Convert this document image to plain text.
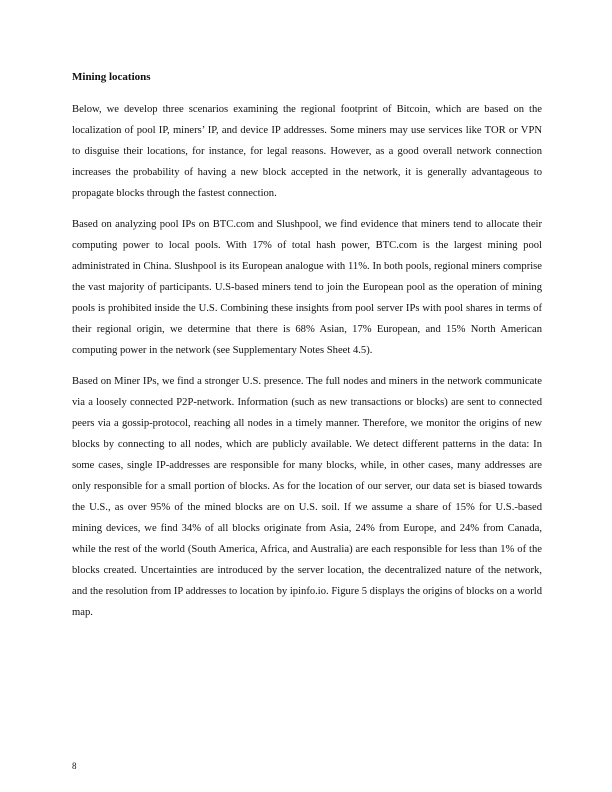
Mining locations

Below, we develop three scenarios examining the regional footprint of Bitcoin, which are based on the localization of pool IP, miners’ IP, and device IP addresses. Some miners may use services like TOR or VPN to disguise their locations, for instance, for legal reasons. However, as a good overall network connection increases the probability of having a new block accepted in the network, it is generally advantageous to propagate blocks through the fastest connection.

Based on analyzing pool IPs on BTC.com and Slushpool, we find evidence that miners tend to allocate their computing power to local pools. With 17% of total hash power, BTC.com is the largest mining pool administrated in China. Slushpool is its European analogue with 11%. In both pools, regional miners comprise the vast majority of participants. U.S-based miners tend to join the European pool as the operation of mining pools is prohibited inside the U.S. Combining these insights from pool server IPs with pool shares in terms of their regional origin, we determine that there is 68% Asian, 17% European, and 15% North American computing power in the network (see Supplementary Notes Sheet 4.5).

Based on Miner IPs, we find a stronger U.S. presence. The full nodes and miners in the network communicate via a loosely connected P2P-network. Information (such as new transactions or blocks) are sent to connected peers via a gossip-protocol, reaching all nodes in a timely manner. Therefore, we monitor the origins of new blocks by connecting to all nodes, which are publicly available. We detect different patterns in the data: In some cases, single IP-addresses are responsible for many blocks, while, in other cases, many addresses are only responsible for a small portion of blocks. As for the location of our server, our data set is biased towards the U.S., as over 95% of the mined blocks are on U.S. soil. If we assume a share of 15% for U.S.-based mining devices, we find 34% of all blocks originate from Asia, 24% from Europe, and 24% from Canada, while the rest of the world (South America, Africa, and Australia) are each responsible for less than 1% of the blocks created. Uncertainties are introduced by the server location, the decentralized nature of the network, and the resolution from IP addresses to location by ipinfo.io. Figure 5 displays the origins of blocks on a world map.

8
